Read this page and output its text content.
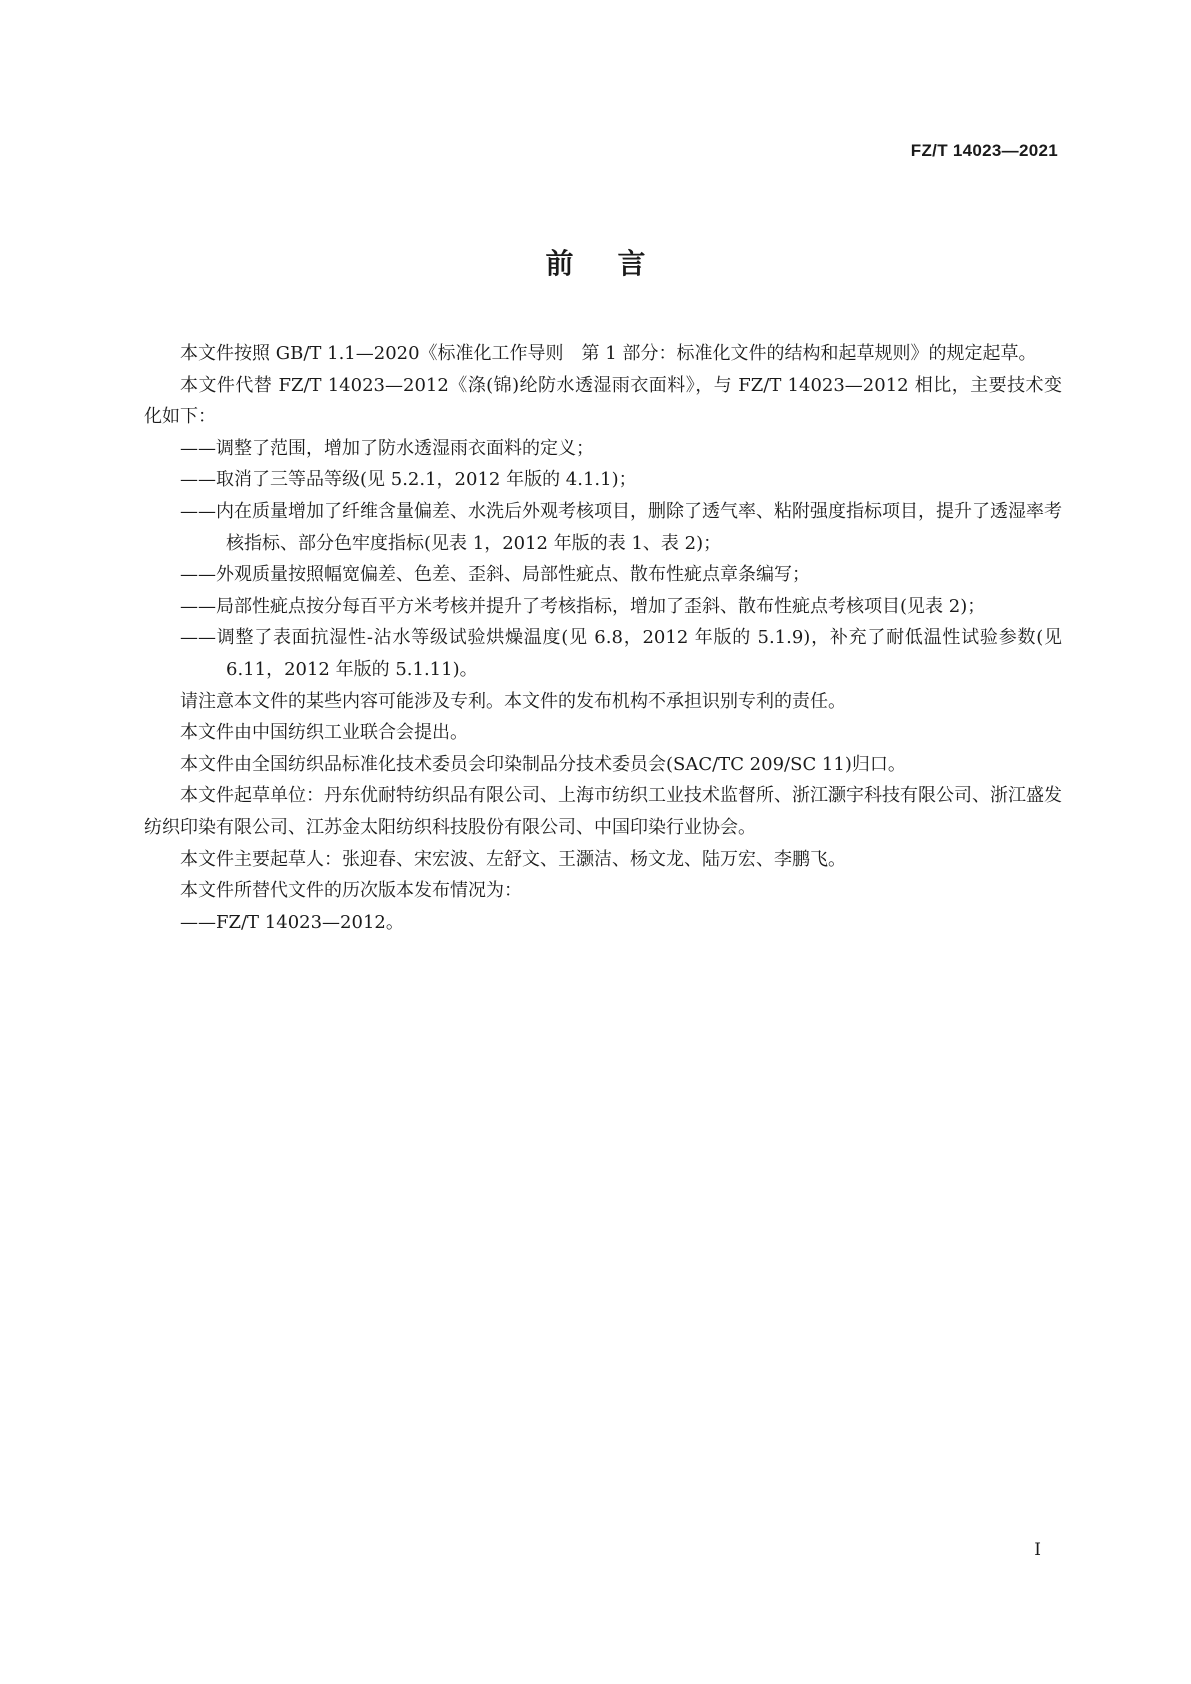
FZ/T 14023—2021
前言

本文件按照 GB/T 1.1—2020《标准化工作导则　第 1 部分：标准化文件的结构和起草规则》的规定起草。

本文件代替 FZ/T 14023—2012《涤(锦)纶防水透湿雨衣面料》，与 FZ/T 14023—2012 相比，主要技术变化如下：

——调整了范围，增加了防水透湿雨衣面料的定义；

——取消了三等品等级(见 5.2.1，2012 年版的 4.1.1)；

——内在质量增加了纤维含量偏差、水洗后外观考核项目，删除了透气率、粘附强度指标项目，提升了透湿率考核指标、部分色牢度指标(见表 1，2012 年版的表 1、表 2)；

——外观质量按照幅宽偏差、色差、歪斜、局部性疵点、散布性疵点章条编写；

——局部性疵点按分每百平方米考核并提升了考核指标，增加了歪斜、散布性疵点考核项目(见表 2)；

——调整了表面抗湿性-沾水等级试验烘燥温度(见 6.8，2012 年版的 5.1.9)，补充了耐低温性试验参数(见 6.11，2012 年版的 5.1.11)。

请注意本文件的某些内容可能涉及专利。本文件的发布机构不承担识别专利的责任。

本文件由中国纺织工业联合会提出。

本文件由全国纺织品标准化技术委员会印染制品分技术委员会(SAC/TC 209/SC 11)归口。

本文件起草单位：丹东优耐特纺织品有限公司、上海市纺织工业技术监督所、浙江灏宇科技有限公司、浙江盛发纺织印染有限公司、江苏金太阳纺织科技股份有限公司、中国印染行业协会。

本文件主要起草人：张迎春、宋宏波、左舒文、王灏洁、杨文龙、陆万宏、李鹏飞。

本文件所替代文件的历次版本发布情况为：

——FZ/T 14023—2012。

I
